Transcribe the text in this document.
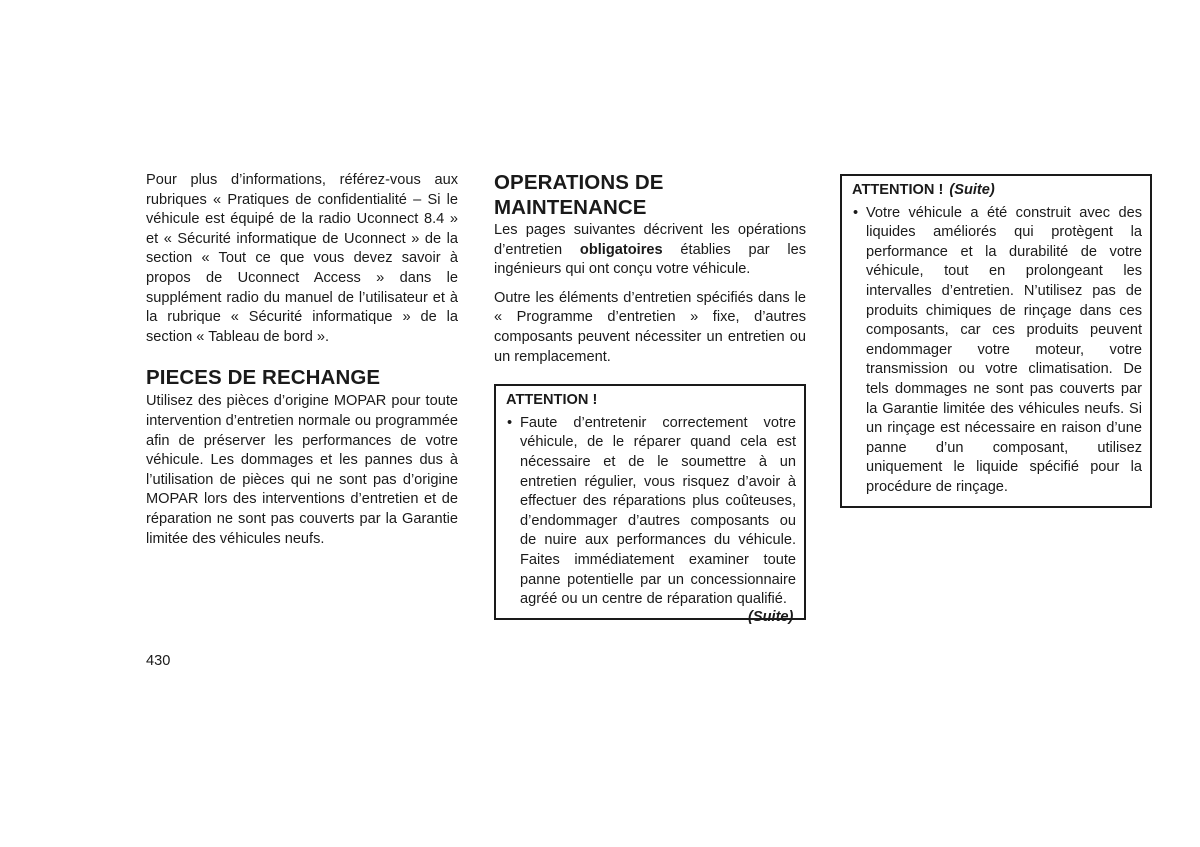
Pour plus d’informations, référez-vous aux rubriques « Pratiques de confidentialité – Si le véhicule est équipé de la radio Uconnect 8.4 » et « Sécurité informatique de Uconnect » de la section « Tout ce que vous devez savoir à propos de Uconnect Access » dans le supplément radio du manuel de l’utilisateur et à la rubrique « Sécurité informatique » de la section « Tableau de bord ».

PIECES DE RECHANGE

Utilisez des pièces d’origine MOPAR pour toute intervention d’entretien normale ou programmée afin de préserver les performances de votre véhicule. Les dommages et les pannes dus à l’utilisation de pièces qui ne sont pas d’origine MOPAR lors des interventions d’entretien et de réparation ne sont pas couverts par la Garantie limitée des véhicules neufs.

OPERATIONS DE
MAINTENANCE

Les pages suivantes décrivent les opérations d’entretien obligatoires établies par les ingénieurs qui ont conçu votre véhicule.

Outre les éléments d’entretien spécifiés dans le « Programme d’entretien » fixe, d’autres composants peuvent nécessiter un entretien ou un remplacement.

ATTENTION !
• Faute d’entretenir correctement votre véhicule, de le réparer quand cela est nécessaire et de le soumettre à un entretien régulier, vous risquez d’avoir à effectuer des réparations plus coûteuses, d’endommager d’autres composants ou de nuire aux performances du véhicule. Faites immédiatement examiner toute panne potentielle par un concessionnaire agréé ou un centre de réparation qualifié.

(Suite)
ATTENTION ! (Suite)
• Votre véhicule a été construit avec des liquides améliorés qui protègent la performance et la durabilité de votre véhicule, tout en prolongeant les intervalles d’entretien. N’utilisez pas de produits chimiques de rinçage dans ces composants, car ces produits peuvent endommager votre moteur, votre transmission ou votre climatisation. De tels dommages ne sont pas couverts par la Garantie limitée des véhicules neufs. Si un rinçage est nécessaire en raison d’une panne d’un composant, utilisez uniquement le liquide spécifié pour la procédure de rinçage.

430
